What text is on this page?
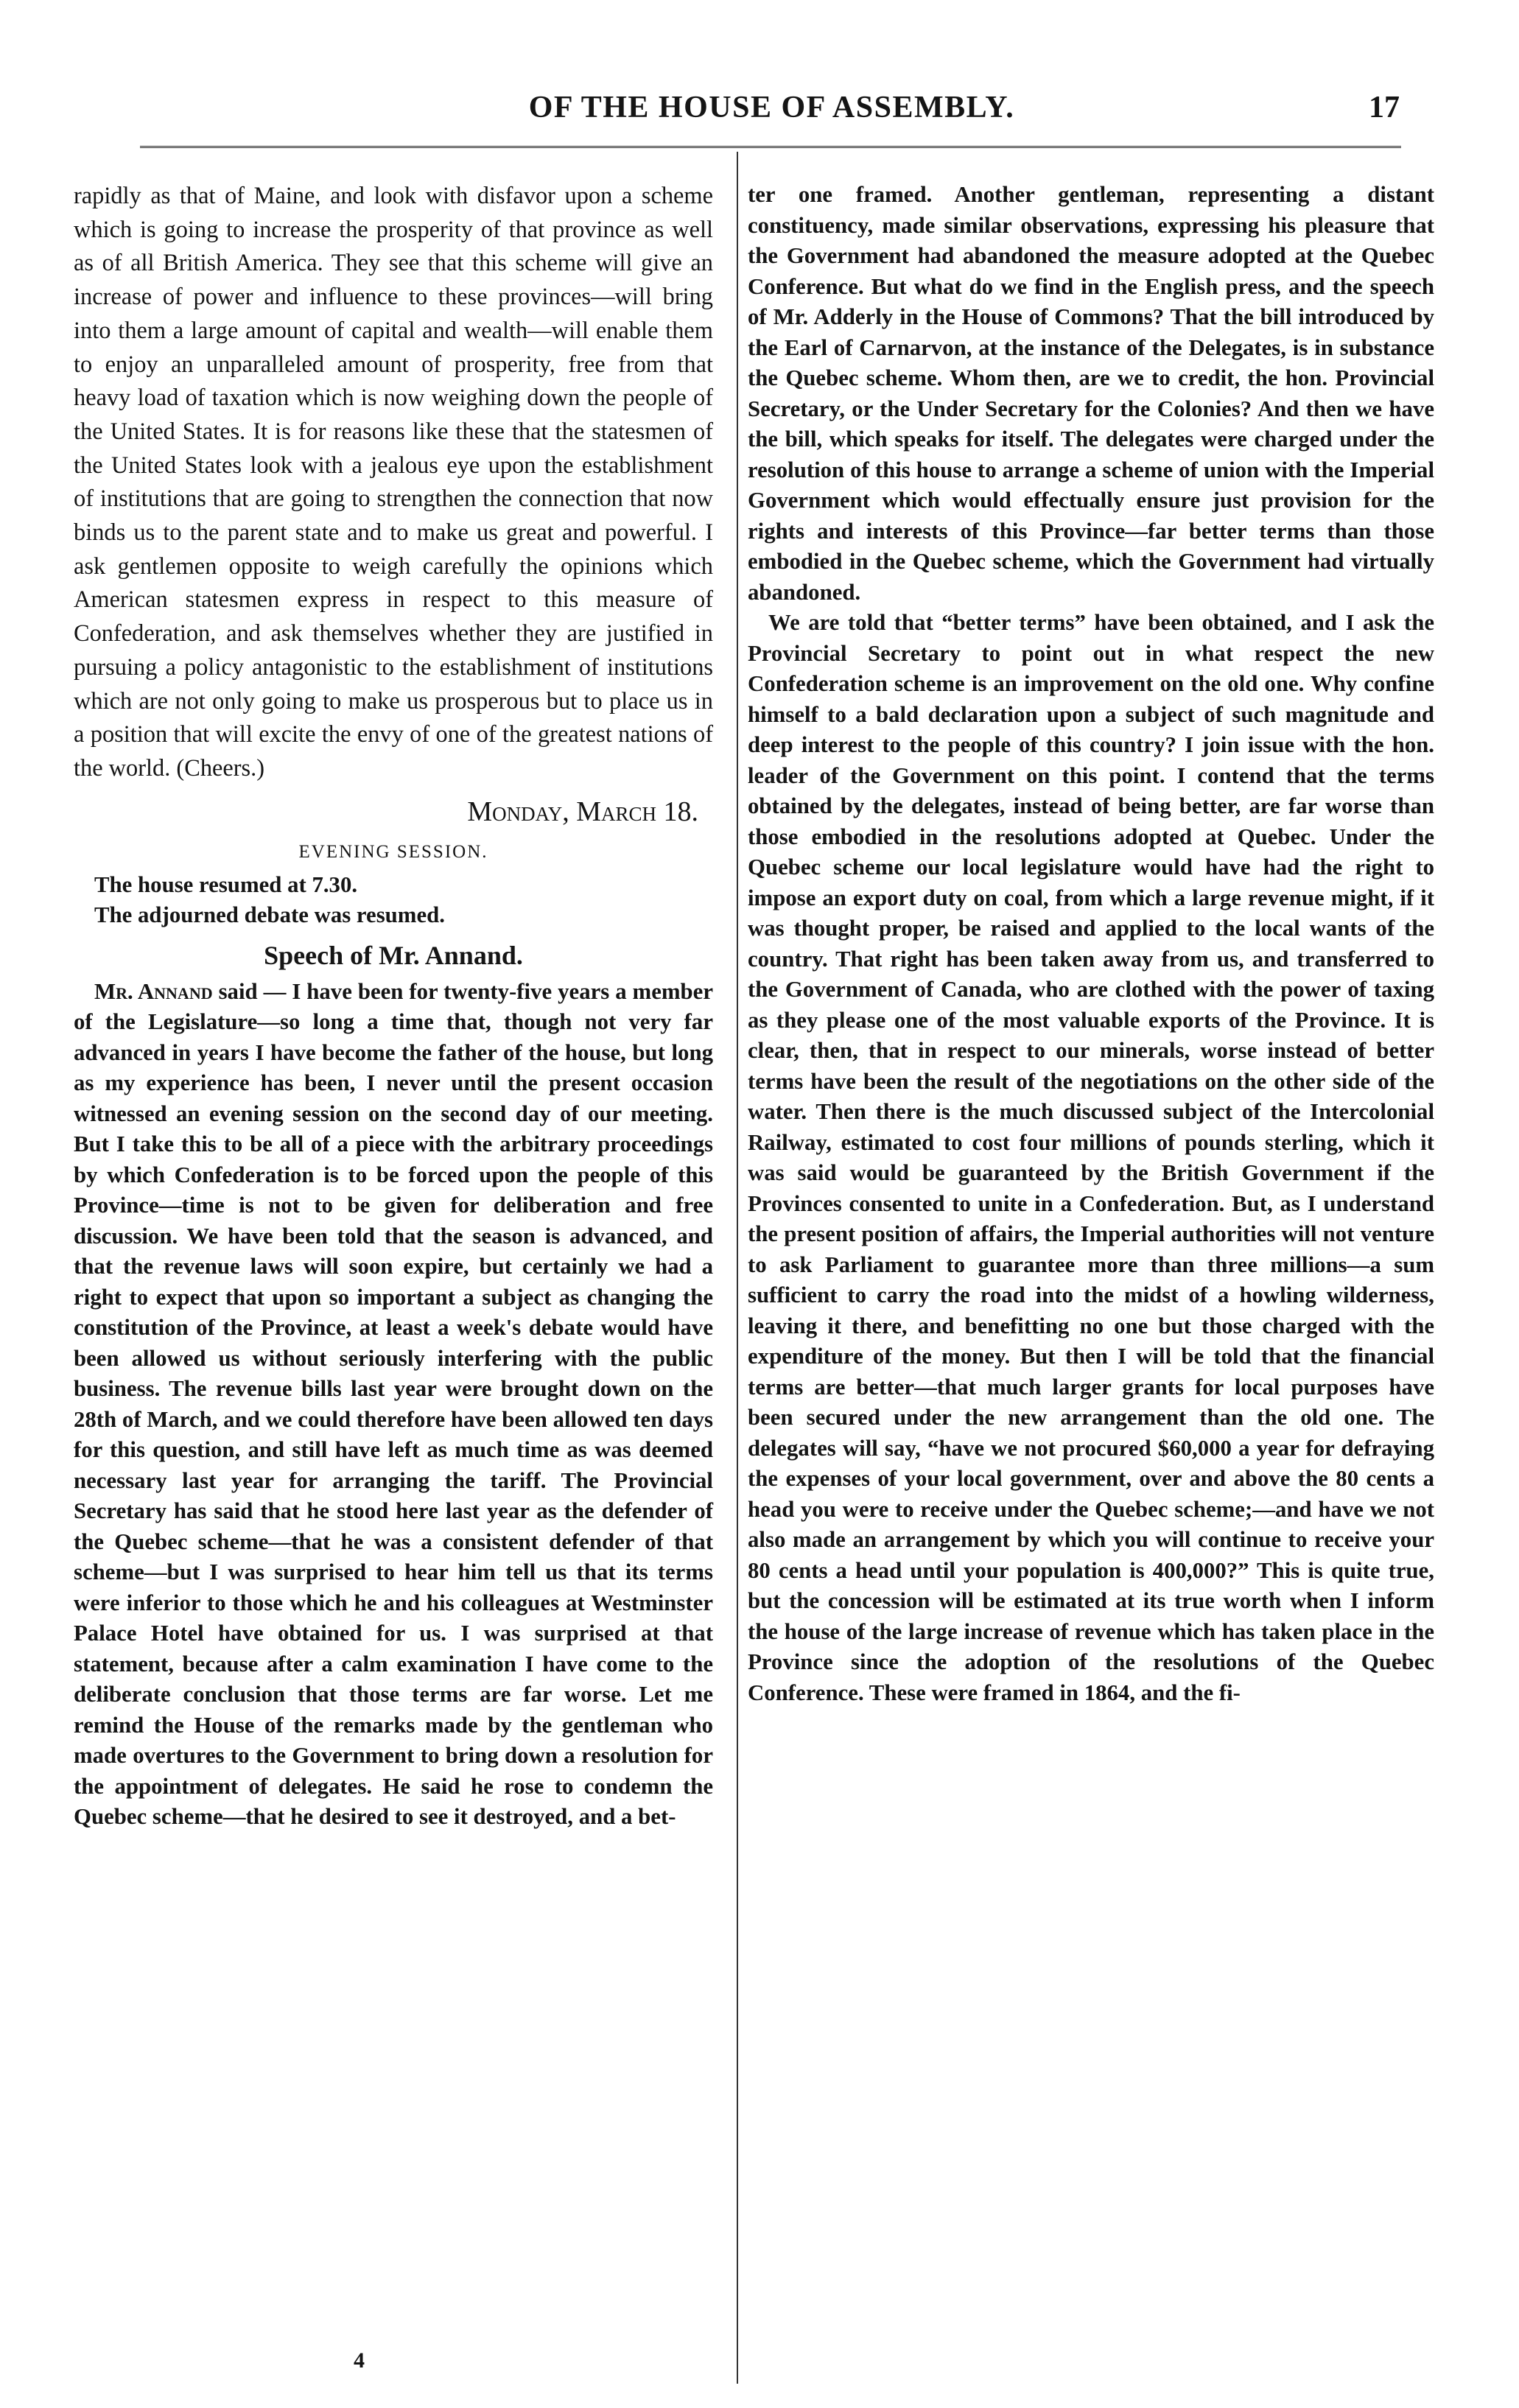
OF THE HOUSE OF ASSEMBLY.	17

rapidly as that of Maine, and look with disfavor upon a scheme which is going to increase the prosperity of that province as well as of all British America. They see that this scheme will give an increase of power and influence to these provinces—will bring into them a large amount of capital and wealth—will enable them to enjoy an unparalleled amount of prosperity, free from that heavy load of taxation which is now weighing down the people of the United States. It is for reasons like these that the statesmen of the United States look with a jealous eye upon the establishment of institutions that are going to strengthen the connection that now binds us to the parent state and to make us great and powerful. I ask gentlemen opposite to weigh carefully the opinions which American statesmen express in respect to this measure of Confederation, and ask themselves whether they are justified in pursuing a policy antagonistic to the establishment of institutions which are not only going to make us prosperous but to place us in a position that will excite the envy of one of the greatest nations of the world. (Cheers.)

Monday, March 18.
EVENING SESSION.
The house resumed at 7.30.
The adjourned debate was resumed.
Speech of Mr. Annand.

Mr. Annand said — I have been for twenty-five years a member of the Legislature—so long a time that, though not very far advanced in years I have become the father of the house, but long as my experience has been, I never until the present occasion witnessed an evening session on the second day of our meeting. But I take this to be all of a piece with the arbitrary proceedings by which Confederation is to be forced upon the people of this Province—time is not to be given for deliberation and free discussion. We have been told that the season is advanced, and that the revenue laws will soon expire, but certainly we had a right to expect that upon so important a subject as changing the constitution of the Province, at least a week's debate would have been allowed us without seriously interfering with the public business. The revenue bills last year were brought down on the 28th of March, and we could therefore have been allowed ten days for this question, and still have left as much time as was deemed necessary last year for arranging the tariff. The Provincial Secretary has said that he stood here last year as the defender of the Quebec scheme—that he was a consistent defender of that scheme—but I was surprised to hear him tell us that its terms were inferior to those which he and his colleagues at Westminster Palace Hotel have obtained for us. I was surprised at that statement, because after a calm examination I have come to the deliberate conclusion that those terms are far worse. Let me remind the House of the remarks made by the gentleman who made overtures to the Government to bring down a resolution for the appointment of delegates. He said he rose to condemn the Quebec scheme—that he desired to see it destroyed, and a bet-

ter one framed. Another gentleman, representing a distant constituency, made similar observations, expressing his pleasure that the Government had abandoned the measure adopted at the Quebec Conference. But what do we find in the English press, and the speech of Mr. Adderly in the House of Commons? That the bill introduced by the Earl of Carnarvon, at the instance of the Delegates, is in substance the Quebec scheme. Whom then, are we to credit, the hon. Provincial Secretary, or the Under Secretary for the Colonies? And then we have the bill, which speaks for itself. The delegates were charged under the resolution of this house to arrange a scheme of union with the Imperial Government which would effectually ensure just provision for the rights and interests of this Province—far better terms than those embodied in the Quebec scheme, which the Government had virtually abandoned.

We are told that “better terms” have been obtained, and I ask the Provincial Secretary to point out in what respect the new Confederation scheme is an improvement on the old one. Why confine himself to a bald declaration upon a subject of such magnitude and deep interest to the people of this country? I join issue with the hon. leader of the Government on this point. I contend that the terms obtained by the delegates, instead of being better, are far worse than those embodied in the resolutions adopted at Quebec. Under the Quebec scheme our local legislature would have had the right to impose an export duty on coal, from which a large revenue might, if it was thought proper, be raised and applied to the local wants of the country. That right has been taken away from us, and transferred to the Government of Canada, who are clothed with the power of taxing as they please one of the most valuable exports of the Province. It is clear, then, that in respect to our minerals, worse instead of better terms have been the result of the negotiations on the other side of the water. Then there is the much discussed subject of the Intercolonial Railway, estimated to cost four millions of pounds sterling, which it was said would be guaranteed by the British Government if the Provinces consented to unite in a Confederation. But, as I understand the present position of affairs, the Imperial authorities will not venture to ask Parliament to guarantee more than three millions—a sum sufficient to carry the road into the midst of a howling wilderness, leaving it there, and benefitting no one but those charged with the expenditure of the money. But then I will be told that the financial terms are better—that much larger grants for local purposes have been secured under the new arrangement than the old one. The delegates will say, “have we not procured $60,000 a year for defraying the expenses of your local government, over and above the 80 cents a head you were to receive under the Quebec scheme;—and have we not also made an arrangement by which you will continue to receive your 80 cents a head until your population is 400,000?” This is quite true, but the concession will be estimated at its true worth when I inform the house of the large increase of revenue which has taken place in the Province since the adoption of the resolutions of the Quebec Conference. These were framed in 1864, and the fi-

4
